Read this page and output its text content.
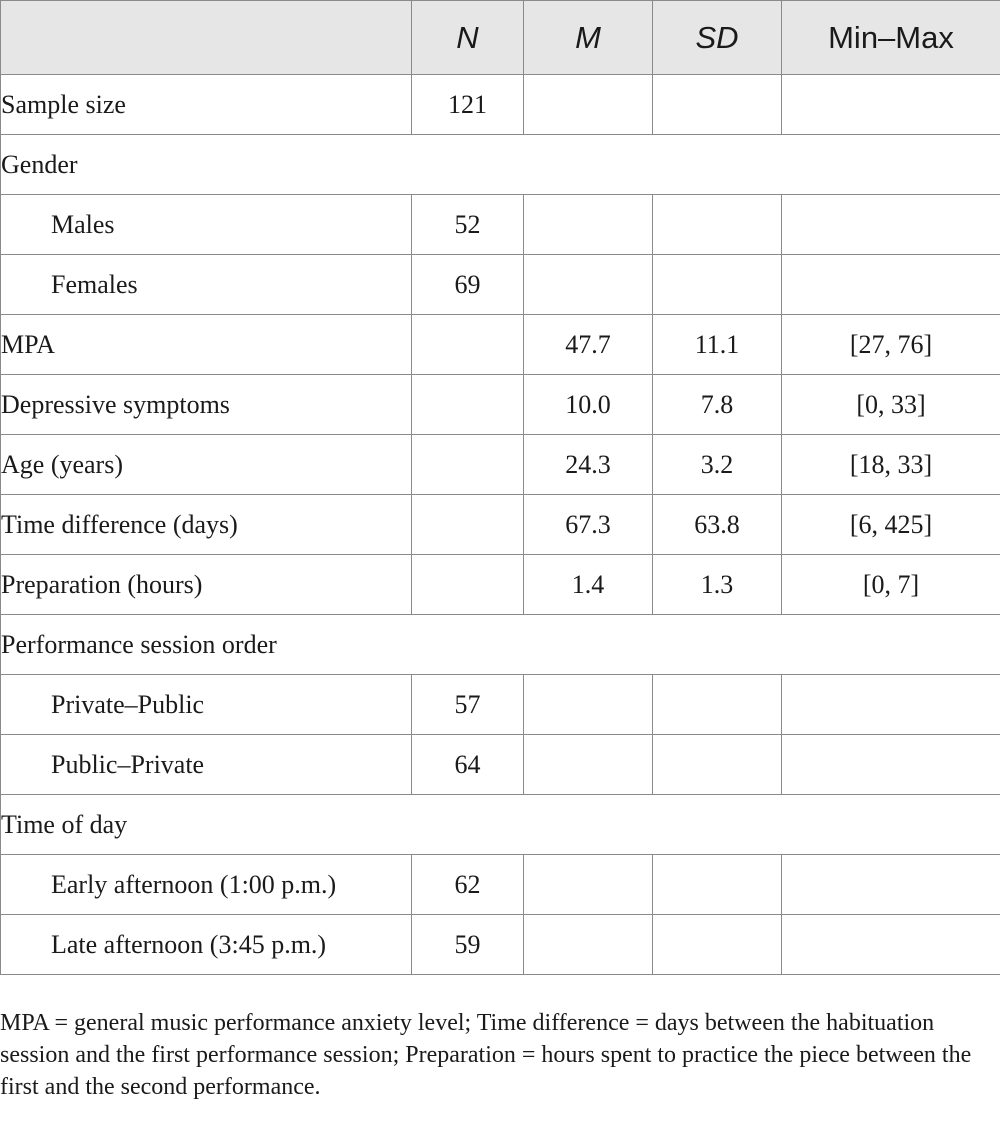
	N	M	SD	Min–Max
Sample size	121			
Gender				
Males	52			
Females	69			
MPA		47.7	11.1	[27, 76]
Depressive symptoms		10.0	7.8	[0, 33]
Age (years)		24.3	3.2	[18, 33]
Time difference (days)		67.3	63.8	[6, 425]
Preparation (hours)		1.4	1.3	[0, 7]
Performance session order				
Private–Public	57			
Public–Private	64			
Time of day				
Early afternoon (1:00 p.m.)	62			
Late afternoon (3:45 p.m.)	59			

MPA = general music performance anxiety level; Time difference = days between the habituation session and the first performance session; Preparation = hours spent to practice the piece between the first and the second performance.
